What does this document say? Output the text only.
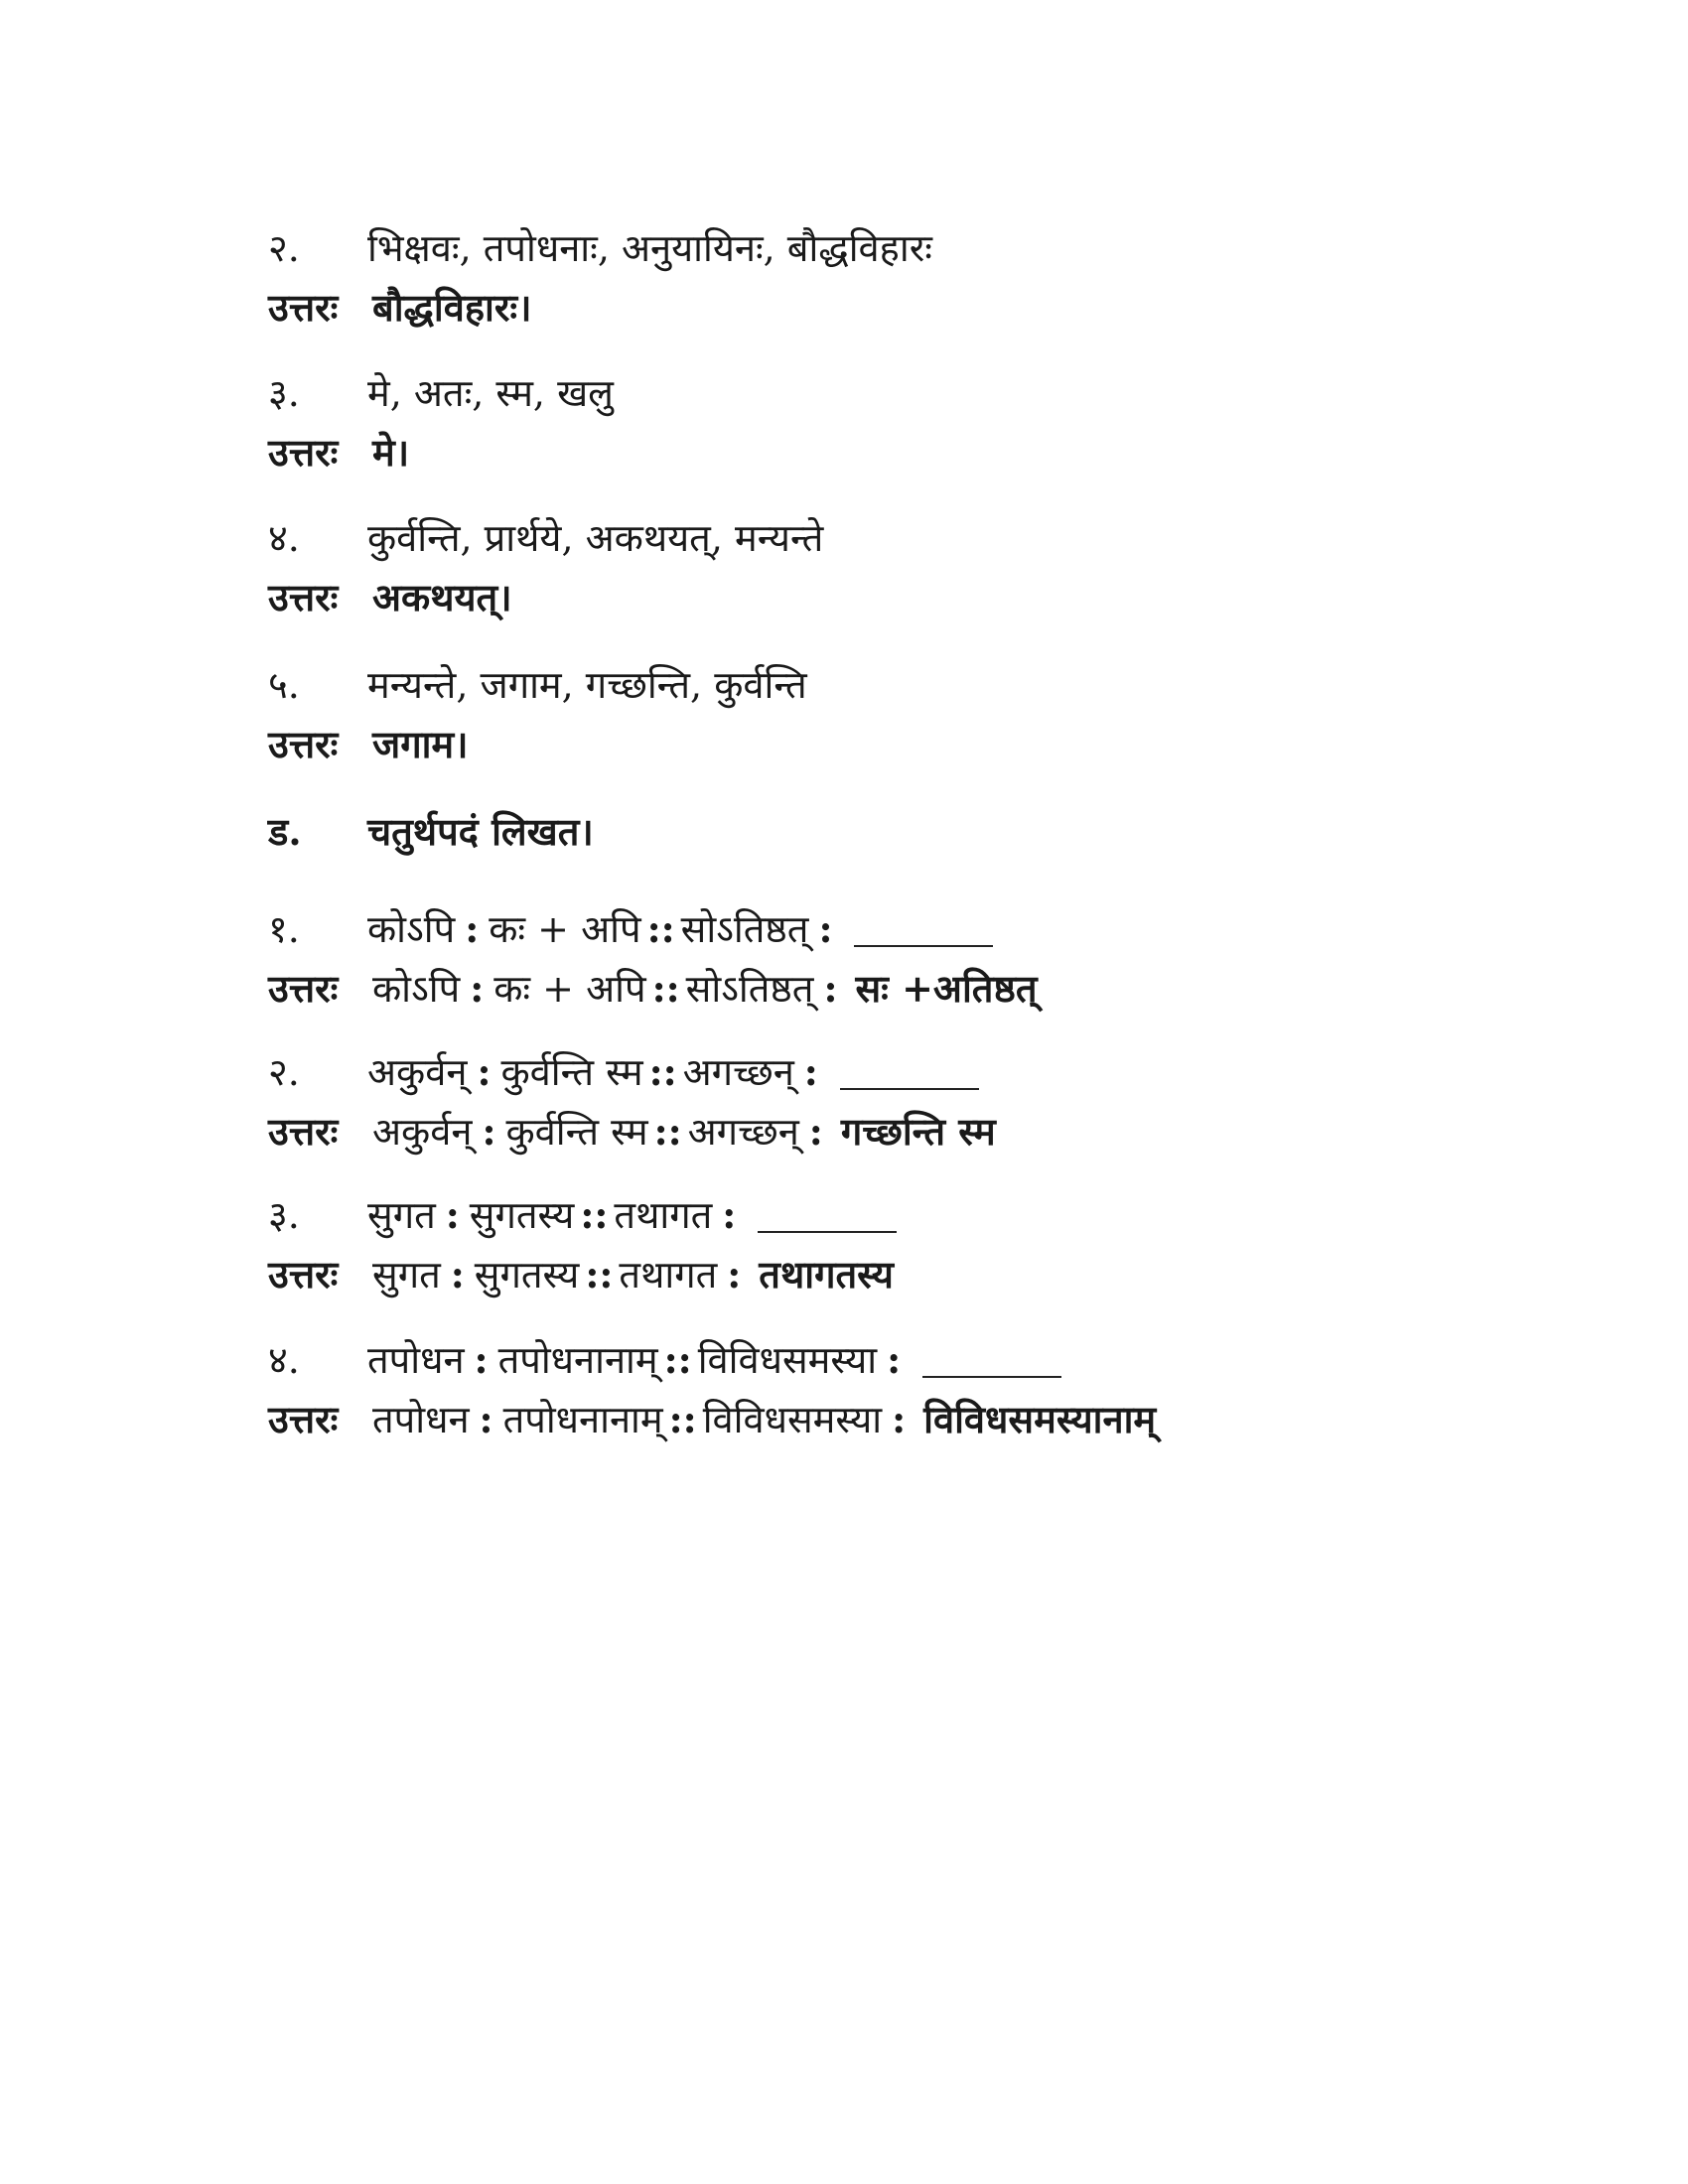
२.	भिक्षवः, तपोधनाः, अनुयायिनः, बौद्धविहारः
उत्तरः बौद्धविहारः।
३.	मे, अतः, स्म, खलु
उत्तरः मे।
४.	कुर्वन्ति, प्रार्थये, अकथयत्, मन्यन्ते
उत्तरः अकथयत्।
५.	मन्यन्ते, जगाम, गच्छन्ति, कुर्वन्ति
उत्तरः जगाम।
ड.	चतुर्थपदं लिखत।
१.	कोऽपि : कः + अपि :: सोऽतिष्ठत् :
उत्तरः कोऽपि : कः + अपि :: सोऽतिष्ठत् : सः +अतिष्ठत्
२.	अकुर्वन् : कुर्वन्ति स्म :: अगच्छन् :
उत्तरः अकुर्वन् : कुर्वन्ति स्म :: अगच्छन् : गच्छन्ति स्म
३.	सुगत : सुगतस्य :: तथागत :
उत्तरः सुगत : सुगतस्य :: तथागत : तथागतस्य
४.	तपोधन : तपोधनानाम् :: विविधसमस्या :
उत्तरः तपोधन : तपोधनानाम् :: विविधसमस्या : विविधसमस्यानाम्
